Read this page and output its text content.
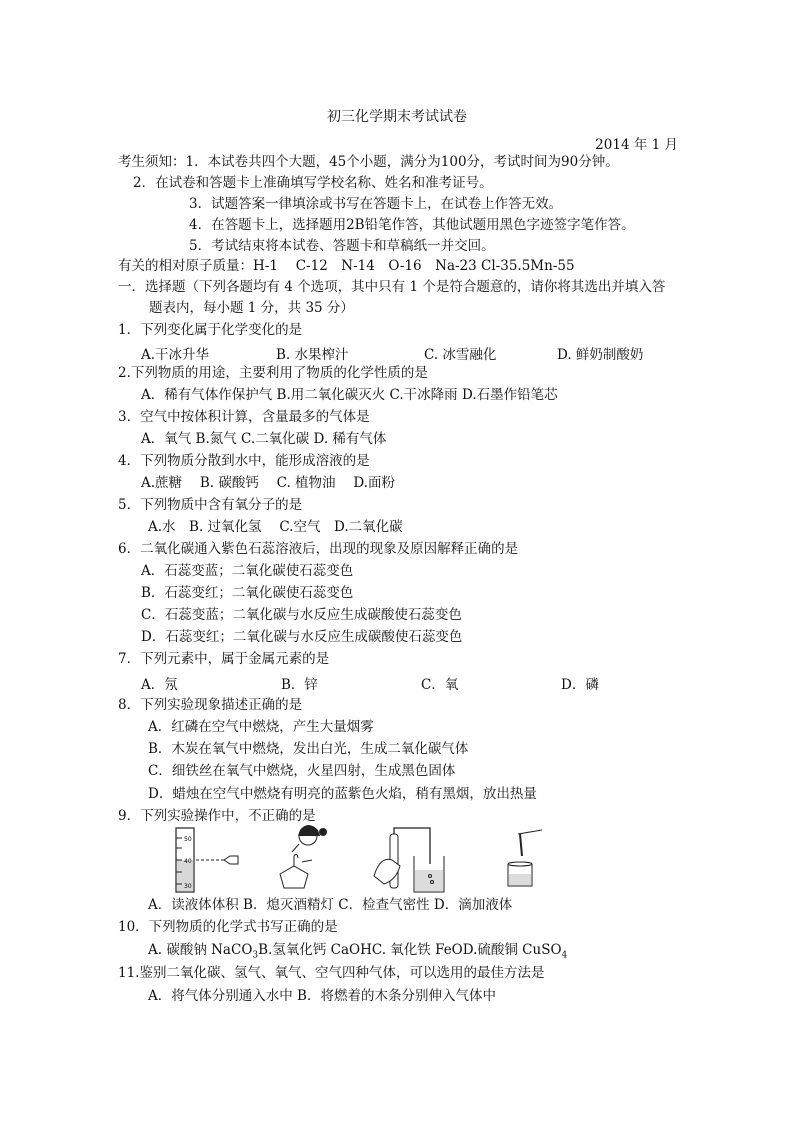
初三化学期末考试试卷
2014 年 1 月
考生须知：1．本试卷共四个大题，45个小题，满分为100分，考试时间为90分钟。
2．在试卷和答题卡上准确填写学校名称、姓名和准考证号。
3．试题答案一律填涂或书写在答题卡上，在试卷上作答无效。
4．在答题卡上，选择题用2B铅笔作答，其他试题用黑色字迹签字笔作答。
5．考试结束将本试卷、答题卡和草稿纸一并交回。
有关的相对原子质量：H-1　 C-12　N-14　O-16　Na-23 Cl-35.5Mn-55
一．选择题（下列各题均有 4 个选项，其中只有 1 个是符合题意的，请你将其选出并填入答
题表内，每小题 1 分，共 35 分）
1．下列变化属于化学变化的是
A.干冰升华	B. 水果榨汁	C. 冰雪融化	D. 鲜奶制酸奶
2.下列物质的用途，主要利用了物质的化学性质的是
A．稀有气体作保护气 B.用二氧化碳灭火 C.干冰降雨 D.石墨作铅笔芯
3．空气中按体积计算，含量最多的气体是
A．氧气 B.氮气 C.二氧化碳 D. 稀有气体
4．下列物质分散到水中，能形成溶液的是
A.蔗糖　 B. 碳酸钙　 C. 植物油　 D.面粉
5．下列物质中含有氧分子的是
A.水　B. 过氧化氢　 C.空气　D.二氧化碳
6．二氧化碳通入紫色石蕊溶液后，出现的现象及原因解释正确的是
A．石蕊变蓝；二氧化碳使石蕊变色
B．石蕊变红；二氧化碳使石蕊变色
C．石蕊变蓝；二氧化碳与水反应生成碳酸使石蕊变色
D．石蕊变红；二氧化碳与水反应生成碳酸使石蕊变色
7．下列元素中，属于金属元素的是
A．氖	B．锌	C．氧	D．磷
8．下列实验现象描述正确的是
A．红磷在空气中燃烧，产生大量烟雾
B．木炭在氧气中燃烧，发出白光，生成二氧化碳气体
C．细铁丝在氧气中燃烧，火星四射，生成黑色固体
D．蜡烛在空气中燃烧有明亮的蓝紫色火焰，稍有黑烟，放出热量
9．下列实验操作中，不正确的是
50
40
30
A．读液体体积 B．熄灭酒精灯 C．检查气密性 D．滴加液体
10．下列物质的化学式书写正确的是
A. 碳酸钠 NaCO$_3$B.氢氧化钙 CaOHC. 氧化铁 FeOD.硫酸铜 CuSO$_4$
11.鉴别二氧化碳、氢气、氧气、空气四种气体，可以选用的最佳方法是
A．将气体分别通入水中 B．将燃着的木条分别伸入气体中
